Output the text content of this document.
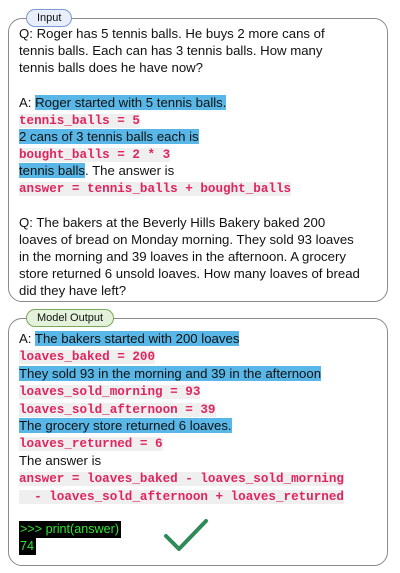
Input
Q: Roger has 5 tennis balls. He buys 2 more cans of
tennis balls. Each can has 3 tennis balls. How many
tennis balls does he have now?
A: Roger started with 5 tennis balls.
tennis_balls = 5
2 cans of 3 tennis balls each is
bought_balls = 2 * 3
tennis balls. The answer is
answer = tennis_balls + bought_balls
Q: The bakers at the Beverly Hills Bakery baked 200
loaves of bread on Monday morning. They sold 93 loaves
in the morning and 39 loaves in the afternoon. A grocery
store returned 6 unsold loaves. How many loaves of bread
did they have left?
Model Output
A: The bakers started with 200 loaves
loaves_baked = 200
They sold 93 in the morning and 39 in the afternoon
loaves_sold_morning = 93
loaves_sold_afternoon = 39
The grocery store returned 6 loaves.
loaves_returned = 6
The answer is
answer = loaves_baked - loaves_sold_morning
- loaves_sold_afternoon + loaves_returned
>>> print(answer)
74
